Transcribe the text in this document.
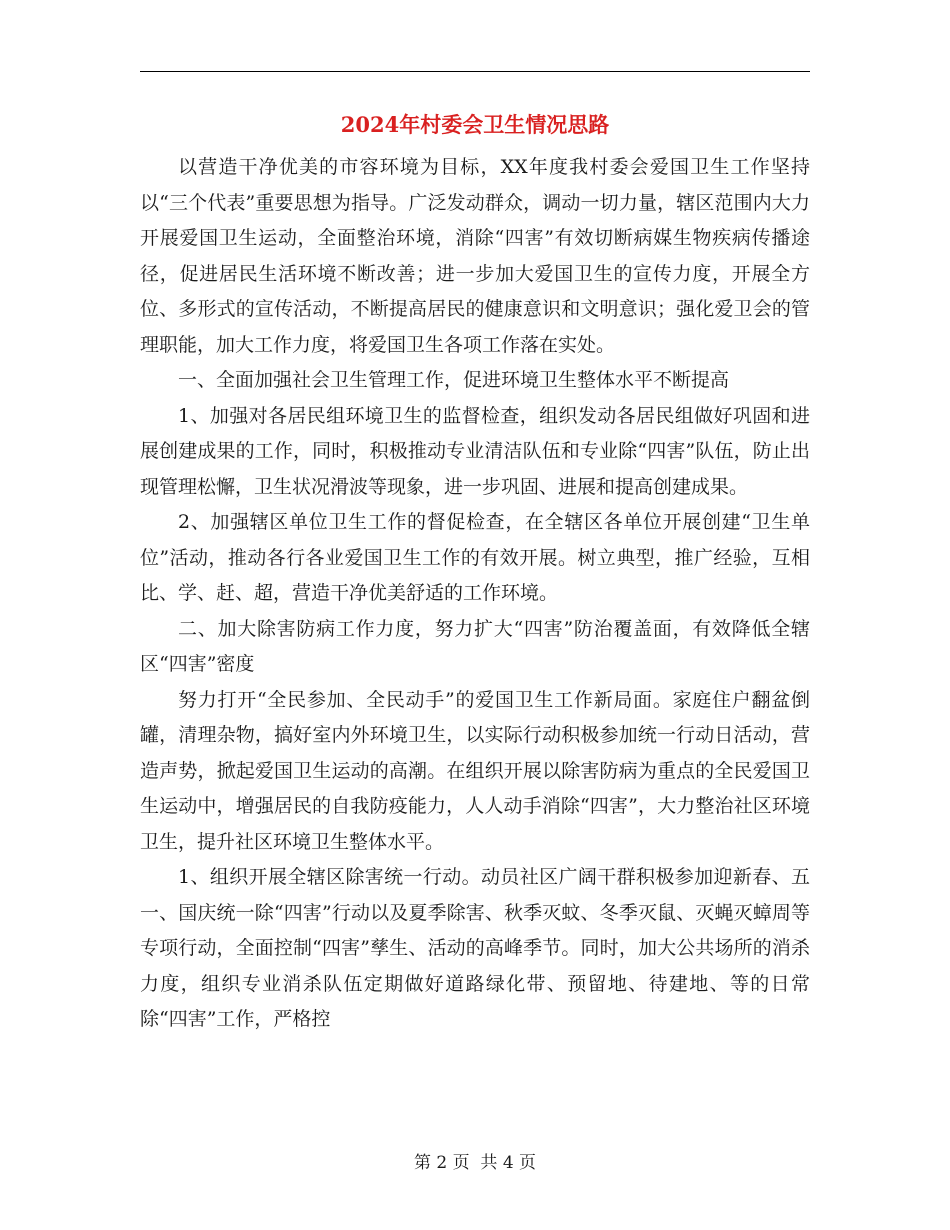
2024年村委会卫生情况思路

以营造干净优美的市容环境为目标，XX年度我村委会爱国卫生工作坚持以“三个代表”重要思想为指导。广泛发动群众，调动一切力量，辖区范围内大力开展爱国卫生运动，全面整治环境，消除“四害”有效切断病媒生物疾病传播途径，促进居民生活环境不断改善；进一步加大爱国卫生的宣传力度，开展全方位、多形式的宣传活动，不断提高居民的健康意识和文明意识；强化爱卫会的管理职能，加大工作力度，将爱国卫生各项工作落在实处。

一、全面加强社会卫生管理工作，促进环境卫生整体水平不断提高

1、加强对各居民组环境卫生的监督检查，组织发动各居民组做好巩固和进展创建成果的工作，同时，积极推动专业清洁队伍和专业除“四害”队伍，防止出现管理松懈，卫生状况滑波等现象，进一步巩固、进展和提高创建成果。

2、加强辖区单位卫生工作的督促检查，在全辖区各单位开展创建“卫生单位”活动，推动各行各业爱国卫生工作的有效开展。树立典型，推广经验，互相比、学、赶、超，营造干净优美舒适的工作环境。

二、加大除害防病工作力度，努力扩大“四害”防治覆盖面，有效降低全辖区“四害”密度

努力打开“全民参加、全民动手”的爱国卫生工作新局面。家庭住户翻盆倒罐，清理杂物，搞好室内外环境卫生，以实际行动积极参加统一行动日活动，营造声势，掀起爱国卫生运动的高潮。在组织开展以除害防病为重点的全民爱国卫生运动中，增强居民的自我防疫能力，人人动手消除“四害”，大力整治社区环境卫生，提升社区环境卫生整体水平。

1、组织开展全辖区除害统一行动。动员社区广阔干群积极参加迎新春、五一、国庆统一除“四害”行动以及夏季除害、秋季灭蚊、冬季灭鼠、灭蝇灭蟑周等专项行动，全面控制“四害”孳生、活动的高峰季节。同时，加大公共场所的消杀力度，组织专业消杀队伍定期做好道路绿化带、预留地、待建地、等的日常除“四害”工作，严格控

第 2 页  共 4 页
